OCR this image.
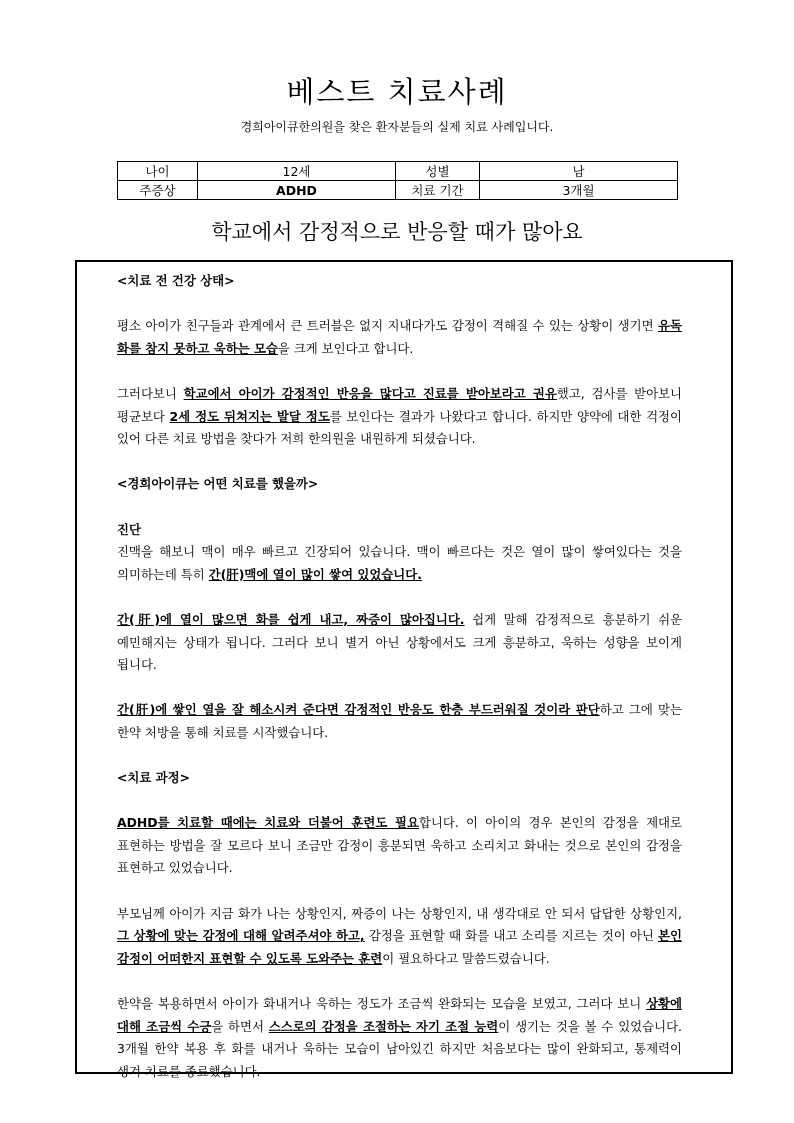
베스트 치료사례
경희아이큐한의원을 찾은 환자분들의 실제 치료 사례입니다.
나이	12세	성별	남
주증상	ADHD	치료 기간	3개월
학교에서 감정적으로 반응할 때가 많아요

<치료 전 건강 상태>

평소 아이가 친구들과 관계에서 큰 트러블은 없지 지내다가도 감정이 격해질 수 있는 상황이 생기면 유독 화를 참지 못하고 욱하는 모습을 크게 보인다고 합니다.

그러다보니 학교에서 아이가 감정적인 반응을 많다고 진료를 받아보라고 권유했고, 검사를 받아보니 평균보다 2세 정도 뒤쳐지는 발달 정도를 보인다는 결과가 나왔다고 합니다. 하지만 양약에 대한 걱정이 있어 다른 치료 방법을 찾다가 저희 한의원을 내원하게 되셨습니다.

<경희아이큐는 어떤 치료를 했을까>

진단

진맥을 해보니 맥이 매우 빠르고 긴장되어 있습니다. 맥이 빠르다는 것은 열이 많이 쌓여있다는 것을 의미하는데 특히 간(肝)맥에 열이 많이 쌓여 있었습니다.

간(肝)에 열이 많으면 화를 쉽게 내고, 짜증이 많아집니다. 쉽게 말해 감정적으로 흥분하기 쉬운 예민해지는 상태가 됩니다. 그러다 보니 별거 아닌 상황에서도 크게 흥분하고, 욱하는 성향을 보이게 됩니다.

간(肝)에 쌓인 열을 잘 해소시켜 준다면 감정적인 반응도 한층 부드러워질 것이라 판단하고 그에 맞는 한약 처방을 통해 치료를 시작했습니다.

<치료 과정>

ADHD를 치료할 때에는 치료와 더불어 훈련도 필요합니다. 이 아이의 경우 본인의 감정을 제대로 표현하는 방법을 잘 모르다 보니 조금만 감정이 흥분되면 욱하고 소리치고 화내는 것으로 본인의 감정을 표현하고 있었습니다.

부모님께 아이가 지금 화가 나는 상황인지, 짜증이 나는 상황인지, 내 생각대로 안 되서 답답한 상황인지, 그 상황에 맞는 감정에 대해 알려주셔야 하고, 감정을 표현할 때 화를 내고 소리를 지르는 것이 아닌 본인 감정이 어떠한지 표현할 수 있도록 도와주는 훈련이 필요하다고 말씀드렸습니다.

한약을 복용하면서 아이가 화내거나 욱하는 정도가 조금씩 완화되는 모습을 보였고, 그러다 보니 상황에 대해 조금씩 수긍을 하면서 스스로의 감정을 조절하는 자기 조절 능력이 생기는 것을 볼 수 있었습니다. 3개월 한약 복용 후 화를 내거나 욱하는 모습이 남아있긴 하지만 처음보다는 많이 완화되고, 통제력이 생겨 치료를 종료했습니다.
